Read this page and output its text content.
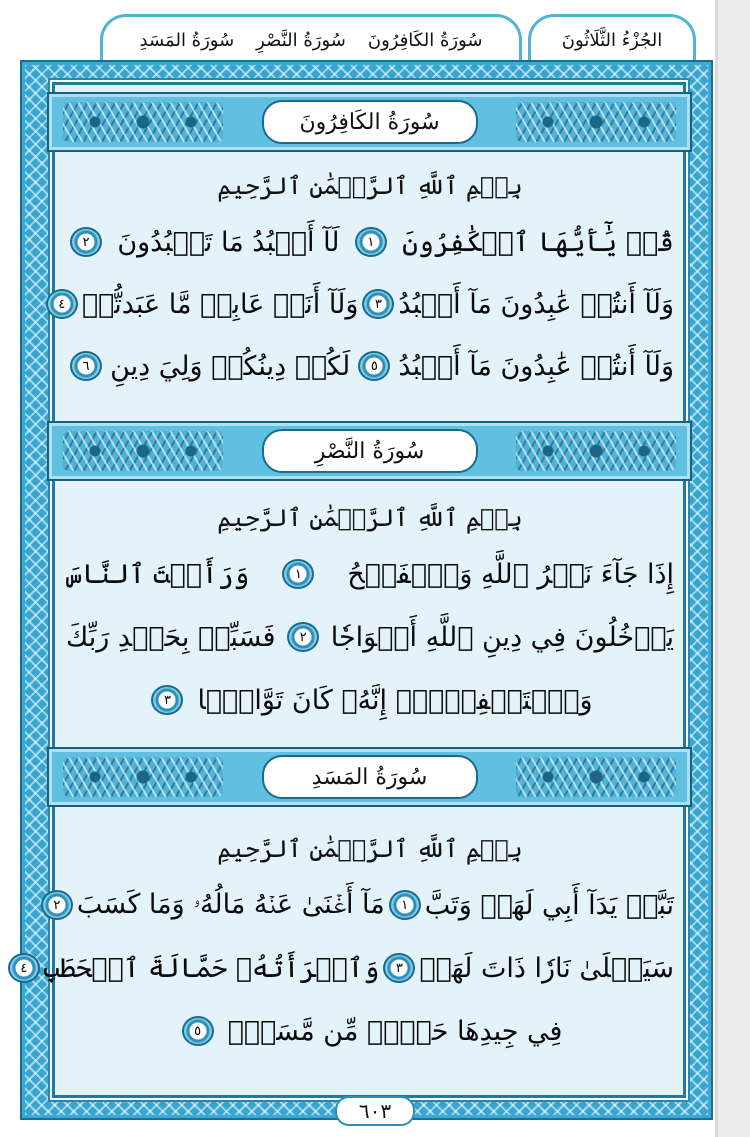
الجُزْءُ الثَّلَاثُونَ
سُورَةُ المَسَدِ سُورَةُ النَّصْرِ سُورَةُ الكَافِرُونَ
سُورَةُ الكَافِرُونَ
بِسۡمِ ٱللَّهِ ٱلرَّحۡمَٰنِ ٱلرَّحِيمِ
قُلۡ يَٰٓأَيُّهَا ٱلۡكَٰفِرُونَ
١
لَآ أَعۡبُدُ مَا تَعۡبُدُونَ
٢
وَلَآ أَنتُمۡ عَٰبِدُونَ مَآ أَعۡبُدُ
٣
وَلَآ أَنَا۠ عَابِدٞ مَّا عَبَدتُّمۡ
٤
وَلَآ أَنتُمۡ عَٰبِدُونَ مَآ أَعۡبُدُ
٥
لَكُمۡ دِينُكُمۡ وَلِيَ دِينِ
٦
سُورَةُ النَّصْرِ
بِسۡمِ ٱللَّهِ ٱلرَّحۡمَٰنِ ٱلرَّحِيمِ
إِذَا جَآءَ نَصۡرُ ٱللَّهِ وَٱلۡفَتۡحُ
١
وَرَأَيۡتَ ٱلنَّاسَ
يَدۡخُلُونَ فِي دِينِ ٱللَّهِ أَفۡوَاجٗا
٢
فَسَبِّحۡ بِحَمۡدِ رَبِّكَ
وَٱسۡتَغۡفِرۡهُۚ إِنَّهُۥ كَانَ تَوَّابَۢا
٣
سُورَةُ المَسَدِ
بِسۡمِ ٱللَّهِ ٱلرَّحۡمَٰنِ ٱلرَّحِيمِ
تَبَّتۡ يَدَآ أَبِي لَهَبٖ وَتَبَّ
١
مَآ أَغۡنَىٰ عَنۡهُ مَالُهُۥ وَمَا كَسَبَ
٢
سَيَصۡلَىٰ نَارٗا ذَاتَ لَهَبٖ
٣
وَٱمۡرَأَتُهُۥ حَمَّالَةَ ٱلۡحَطَبِ
٤
فِي جِيدِهَا حَبۡلٞ مِّن مَّسَدِۭ
٥
٦٠٣
